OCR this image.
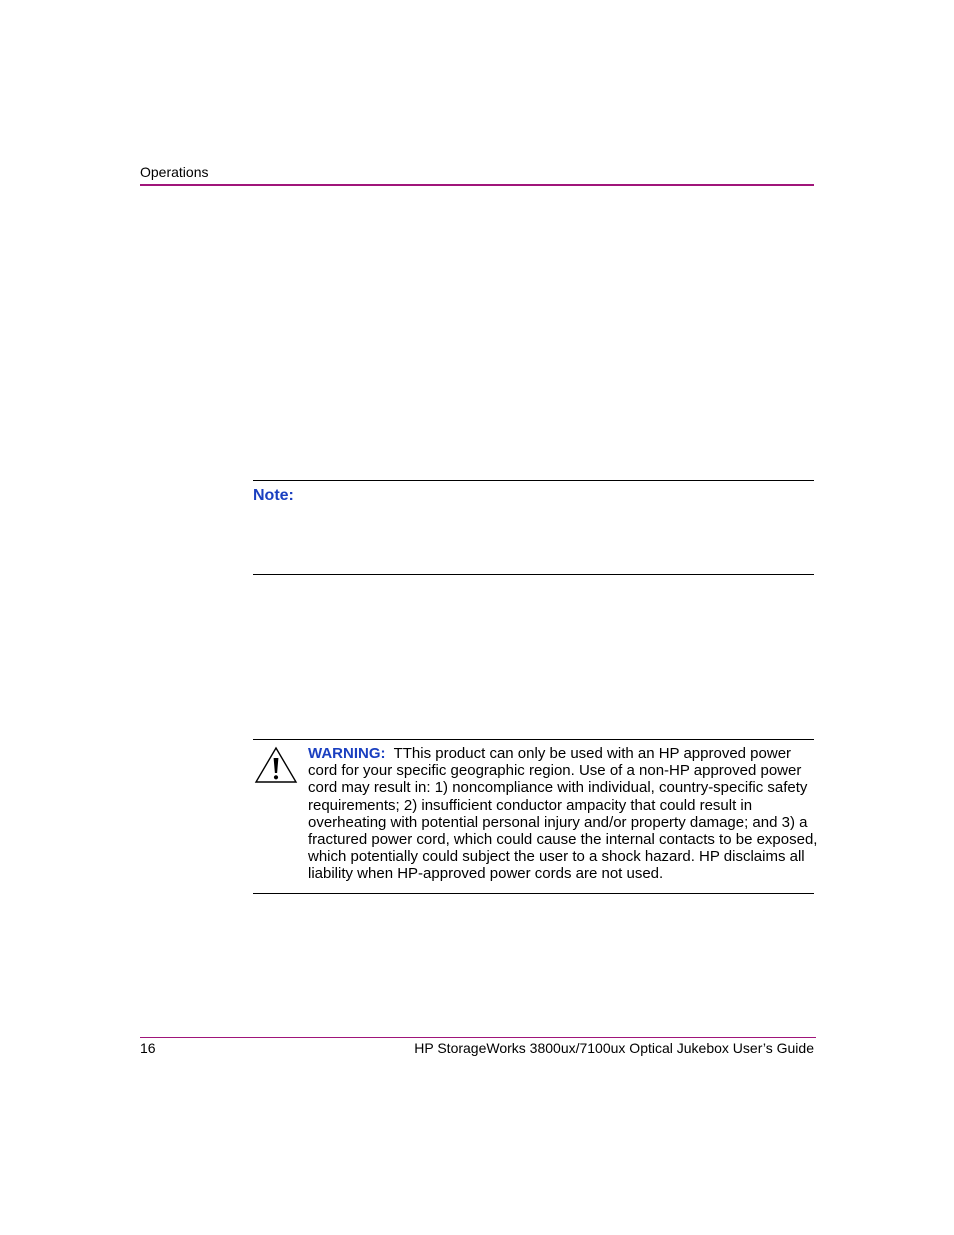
Operations
Note:
WARNING: TThis product can only be used with an HP approved power cord for your specific geographic region. Use of a non-HP approved power cord may result in: 1) noncompliance with individual, country-specific safety requirements; 2) insufficient conductor ampacity that could result in overheating with potential personal injury and/or property damage; and 3) a fractured power cord, which could cause the internal contacts to be exposed, which potentially could subject the user to a shock hazard. HP disclaims all liability when HP-approved power cords are not used.
16	HP StorageWorks 3800ux/7100ux Optical Jukebox User’s Guide
